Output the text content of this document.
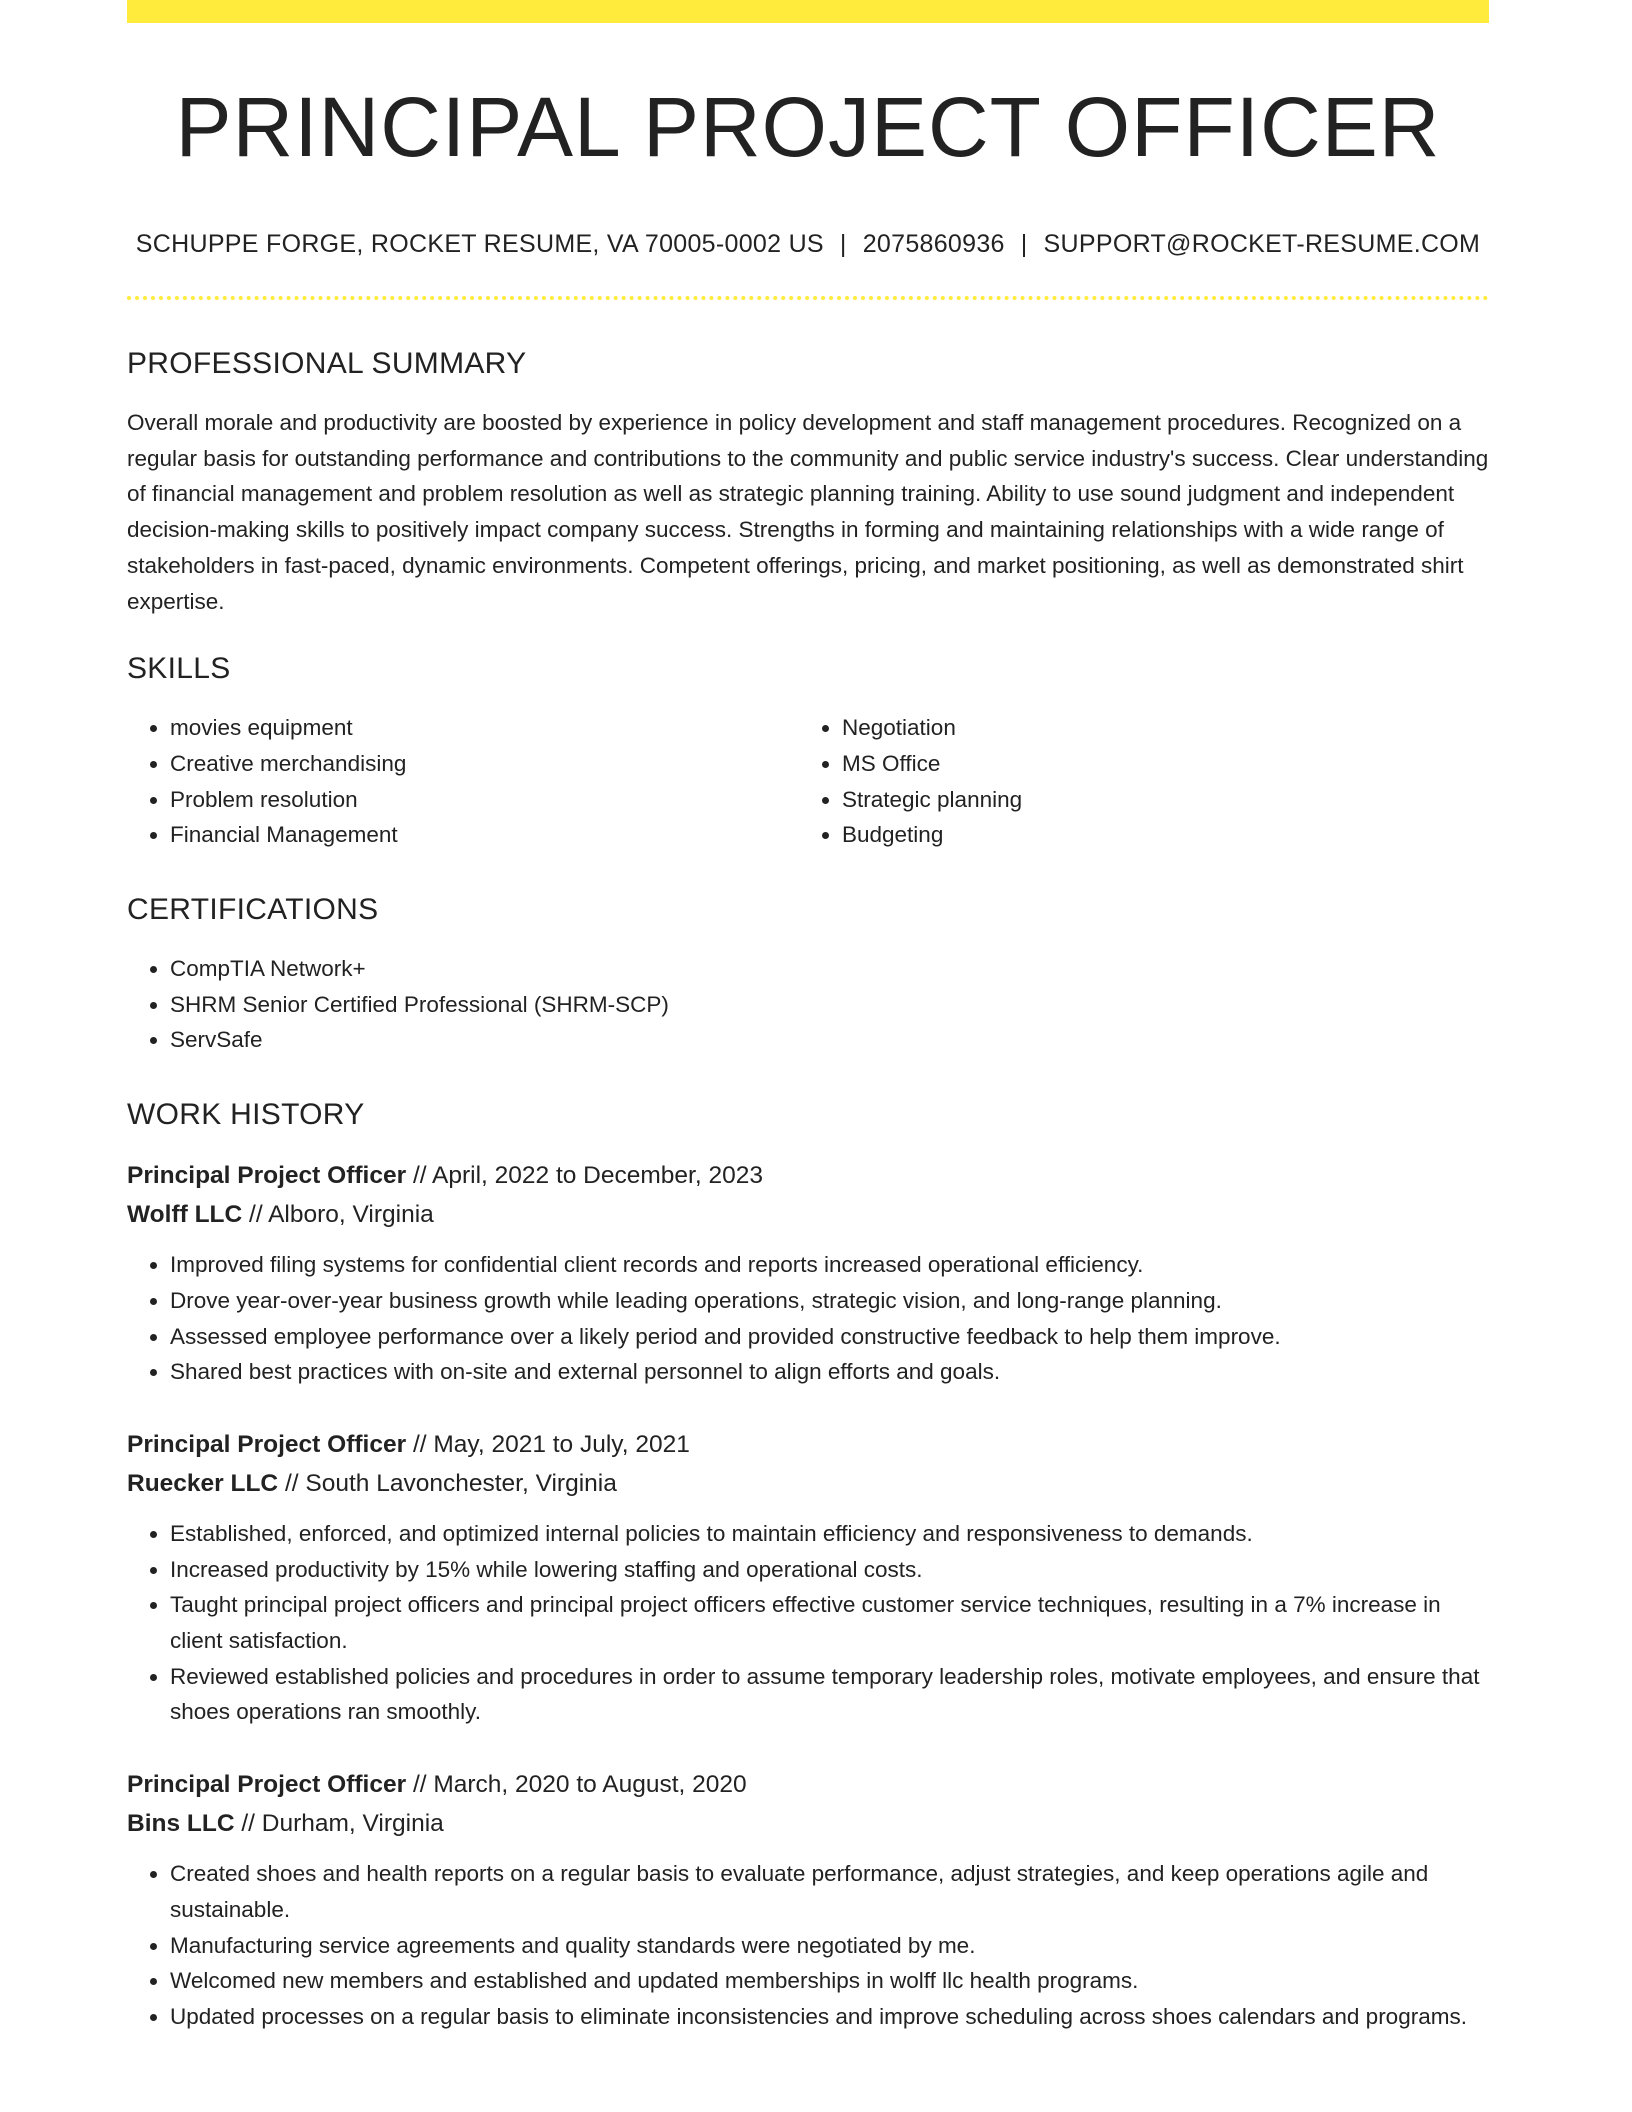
PRINCIPAL PROJECT OFFICER
SCHUPPE FORGE, ROCKET RESUME, VA 70005-0002 US | 2075860936 | SUPPORT@ROCKET-RESUME.COM
PROFESSIONAL SUMMARY

Overall morale and productivity are boosted by experience in policy development and staff management procedures. Recognized on a regular basis for outstanding performance and contributions to the community and public service industry's success. Clear understanding of financial management and problem resolution as well as strategic planning training. Ability to use sound judgment and independent decision-making skills to positively impact company success. Strengths in forming and maintaining relationships with a wide range of stakeholders in fast-paced, dynamic environments. Competent offerings, pricing, and market positioning, as well as demonstrated shirt expertise.

SKILLS
• movies equipment
• Creative merchandising
• Problem resolution
• Financial Management
• Negotiation
• MS Office
• Strategic planning
• Budgeting
CERTIFICATIONS
• CompTIA Network+
• SHRM Senior Certified Professional (SHRM-SCP)
• ServSafe
WORK HISTORY
Principal Project Officer // April, 2022 to December, 2023
Wolff LLC // Alboro, Virginia
• Improved filing systems for confidential client records and reports increased operational efficiency.
• Drove year-over-year business growth while leading operations, strategic vision, and long-range planning.
• Assessed employee performance over a likely period and provided constructive feedback to help them improve.
• Shared best practices with on-site and external personnel to align efforts and goals.
Principal Project Officer // May, 2021 to July, 2021
Ruecker LLC // South Lavonchester, Virginia
• Established, enforced, and optimized internal policies to maintain efficiency and responsiveness to demands.
• Increased productivity by 15% while lowering staffing and operational costs.
• Taught principal project officers and principal project officers effective customer service techniques, resulting in a 7% increase in client satisfaction.
• Reviewed established policies and procedures in order to assume temporary leadership roles, motivate employees, and ensure that shoes operations ran smoothly.
Principal Project Officer // March, 2020 to August, 2020
Bins LLC // Durham, Virginia
• Created shoes and health reports on a regular basis to evaluate performance, adjust strategies, and keep operations agile and sustainable.
• Manufacturing service agreements and quality standards were negotiated by me.
• Welcomed new members and established and updated memberships in wolff llc health programs.
• Updated processes on a regular basis to eliminate inconsistencies and improve scheduling across shoes calendars and programs.
